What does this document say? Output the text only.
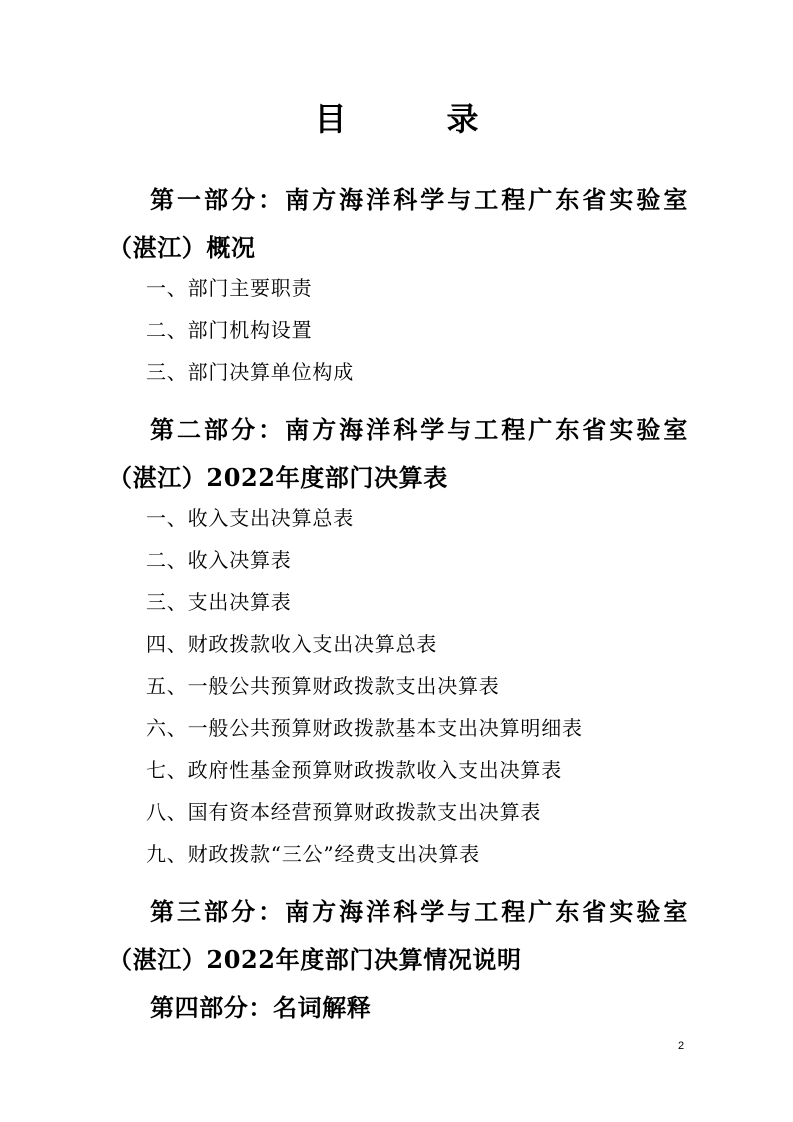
目	录

第一部分：南方海洋科学与工程广东省实验室（湛江）概况

一、部门主要职责

二、部门机构设置

三、部门决算单位构成

第二部分：南方海洋科学与工程广东省实验室（湛江）2022年度部门决算表

一、收入支出决算总表

二、收入决算表

三、支出决算表

四、财政拨款收入支出决算总表

五、一般公共预算财政拨款支出决算表

六、一般公共预算财政拨款基本支出决算明细表

七、政府性基金预算财政拨款收入支出决算表

八、国有资本经营预算财政拨款支出决算表

九、财政拨款“三公”经费支出决算表

第三部分：南方海洋科学与工程广东省实验室（湛江）2022年度部门决算情况说明

第四部分：名词解释

2
